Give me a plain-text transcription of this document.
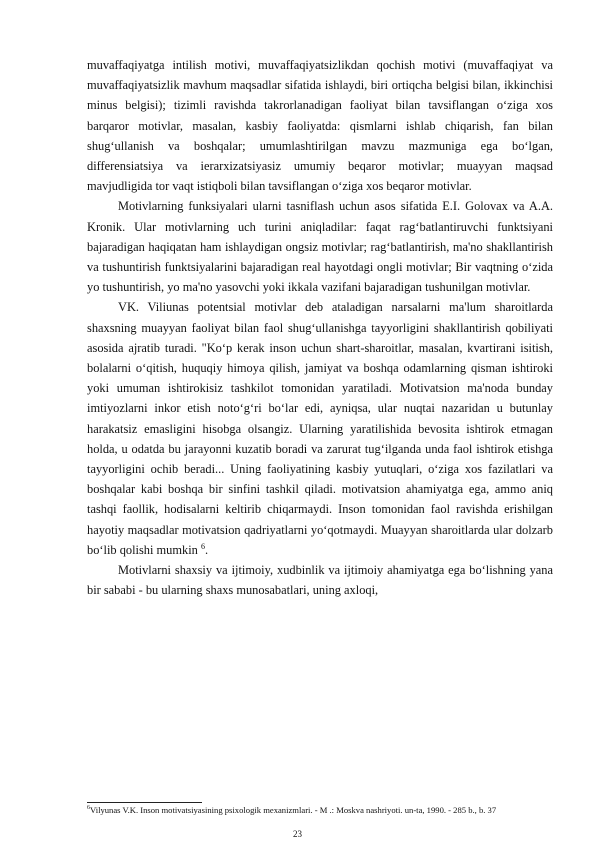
muvaffaqiyatga intilish motivi, muvaffaqiyatsizlikdan qochish motivi (muvaffaqiyat va muvaffaqiyatsizlik mavhum maqsadlar sifatida ishlaydi, biri ortiqcha belgisi bilan, ikkinchisi minus belgisi); tizimli ravishda takrorlanadigan faoliyat bilan tavsiflangan o‘ziga xos barqaror motivlar, masalan, kasbiy faoliyatda: qismlarni ishlab chiqarish, fan bilan shug‘ullanish va boshqalar; umumlashtirilgan mavzu mazmuniga ega bo‘lgan, differensiatsiya va ierarxizatsiyasiz umumiy beqaror motivlar; muayyan maqsad mavjudligida tor vaqt istiqboli bilan tavsiflangan o‘ziga xos beqaror motivlar.

Motivlarning funksiyalari ularni tasniflash uchun asos sifatida E.I. Golovax va A.A. Kronik. Ular motivlarning uch turini aniqladilar: faqat rag‘batlantiruvchi funktsiyani bajaradigan haqiqatan ham ishlaydigan ongsiz motivlar; rag‘batlantirish, ma'no shakllantirish va tushuntirish funktsiyalarini bajaradigan real hayotdagi ongli motivlar; Bir vaqtning o‘zida yo tushuntirish, yo ma'no yasovchi yoki ikkala vazifani bajaradigan tushunilgan motivlar.

VK. Viliunas potentsial motivlar deb ataladigan narsalarni ma'lum sharoitlarda shaxsning muayyan faoliyat bilan faol shug‘ullanishga tayyorligini shakllantirish qobiliyati asosida ajratib turadi. "Ko‘p kerak inson uchun shart-sharoitlar, masalan, kvartirani isitish, bolalarni o‘qitish, huquqiy himoya qilish, jamiyat va boshqa odamlarning qisman ishtiroki yoki umuman ishtirokisiz tashkilot tomonidan yaratiladi. Motivatsion ma'noda bunday imtiyozlarni inkor etish noto‘g‘ri bo‘lar edi, ayniqsa, ular nuqtai nazaridan u butunlay harakatsiz emasligini hisobga olsangiz. Ularning yaratilishida bevosita ishtirok etmagan holda, u odatda bu jarayonni kuzatib boradi va zarurat tug‘ilganda unda faol ishtirok etishga tayyorligini ochib beradi... Uning faoliyatining kasbiy yutuqlari, o‘ziga xos fazilatlari va boshqalar kabi boshqa bir sinfini tashkil qiladi. motivatsion ahamiyatga ega, ammo aniq tashqi faollik, hodisalarni keltirib chiqarmaydi. Inson tomonidan faol ravishda erishilgan hayotiy maqsadlar motivatsion qadriyatlarni yo‘qotmaydi. Muayyan sharoitlarda ular dolzarb bo‘lib qolishi mumkin $^6$.

Motivlarni shaxsiy va ijtimoiy, xudbinlik va ijtimoiy ahamiyatga ega bo‘lishning yana bir sababi - bu ularning shaxs munosabatlari, uning axloqi,

$^6$Vilyunas V.K. Inson motivatsiyasining psixologik mexanizmlari. - M .: Moskva nashriyoti. un-ta, 1990. - 285 b., b. 37
23
